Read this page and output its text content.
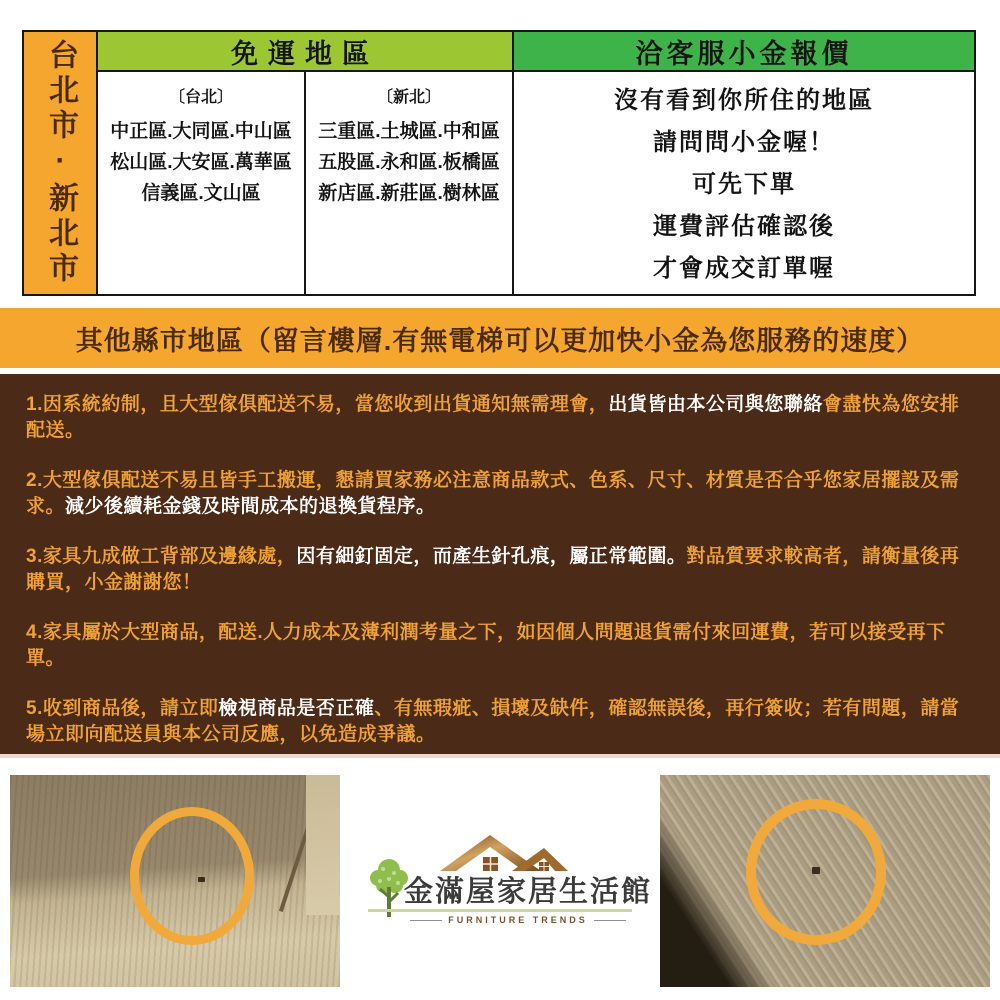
台北市·新北市	免運地區
〔台北〕
中正區.大同區.中山區
松山區.大安區.萬華區
信義區.文山區
〔新北〕
三重區.土城區.中和區
五股區.永和區.板橋區
新店區.新莊區.樹林區
洽客服小金報價
沒有看到你所住的地區
請問問小金喔！
可先下單
運費評估確認後
才會成交訂單喔
其他縣市地區（留言樓層.有無電梯可以更加快小金為您服務的速度）

1.因系統約制，且大型傢俱配送不易，當您收到出貨通知無需理會，出貨皆由本公司與您聯絡會盡快為您安排配送。

2.大型傢俱配送不易且皆手工搬運，懇請買家務必注意商品款式、色系、尺寸、材質是否合乎您家居擺設及需求。減少後續耗金錢及時間成本的退換貨程序。

3.家具九成做工背部及邊緣處，因有細釘固定，而產生針孔痕，屬正常範圍。對品質要求較高者，請衡量後再購買，小金謝謝您！

4.家具屬於大型商品，配送.人力成本及薄利潤考量之下，如因個人問題退貨需付來回運費，若可以接受再下單。

5.收到商品後，請立即檢視商品是否正確、有無瑕疵、損壞及缺件，確認無誤後，再行簽收；若有問題，請當場立即向配送員與本公司反應，以免造成爭議。

金滿屋家居生活館
FURNITURE TRENDS
